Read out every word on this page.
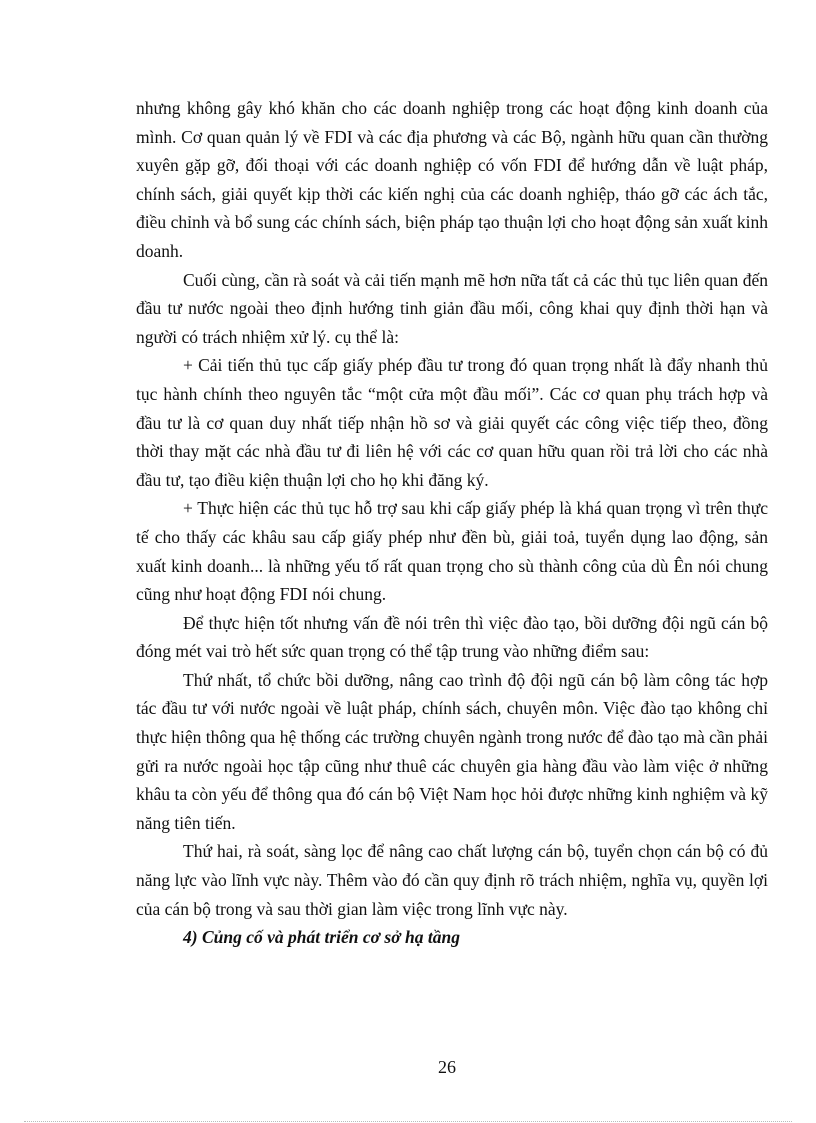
nhưng không gây khó khăn cho các doanh nghiệp trong các hoạt động kinh doanh của mình. Cơ quan quản lý về FDI và các địa phương và các Bộ, ngành hữu quan cần thường xuyên gặp gỡ, đối thoại với các doanh nghiệp có vốn FDI để hướng dẫn về luật pháp, chính sách, giải quyết kịp thời các kiến nghị của các doanh nghiệp, tháo gỡ các ách tắc, điều chỉnh và bổ sung các chính sách, biện pháp tạo thuận lợi cho hoạt động sản xuất kinh doanh.

Cuối cùng, cần rà soát và cải tiến mạnh mẽ hơn nữa tất cả các thủ tục liên quan đến đầu tư nước ngoài theo định hướng tinh giản đầu mối, công khai quy định thời hạn và người có trách nhiệm xử lý. cụ thể là:

+ Cải tiến thủ tục cấp giấy phép đầu tư trong đó quan trọng nhất là đẩy nhanh thủ tục hành chính theo nguyên tắc “một cửa một đầu mối”. Các cơ quan phụ trách hợp và đầu tư là cơ quan duy nhất tiếp nhận hồ sơ và giải quyết các công việc tiếp theo, đồng thời thay mặt các nhà đầu tư đi liên hệ với các cơ quan hữu quan rồi trả lời cho các nhà đầu tư, tạo điều kiện thuận lợi cho họ khi đăng ký.

+ Thực hiện các thủ tục hỗ trợ sau khi cấp giấy phép là khá quan trọng vì trên thực tế cho thấy các khâu sau cấp giấy phép như đền bù, giải toả, tuyển dụng lao động, sản xuất kinh doanh... là những yếu tố rất quan trọng cho sù thành công của dù Ên nói chung cũng như hoạt động FDI nói chung.

Để thực hiện tốt nhưng vấn đề nói trên thì việc đào tạo, bồi dưỡng đội ngũ cán bộ đóng mét vai trò hết sức quan trọng có thể tập trung vào những điểm sau:

Thứ nhất, tổ chức bồi dưỡng, nâng cao trình độ đội ngũ cán bộ làm công tác hợp tác đầu tư với nước ngoài về luật pháp, chính sách, chuyên môn. Việc đào tạo không chỉ thực hiện thông qua hệ thống các trường chuyên ngành trong nước để đào tạo mà cần phải gửi ra nước ngoài học tập cũng như thuê các chuyên gia hàng đầu vào làm việc ở những khâu ta còn yếu để thông qua đó cán bộ Việt Nam học hỏi được những kinh nghiệm và kỹ năng tiên tiến.

Thứ hai, rà soát, sàng lọc để nâng cao chất lượng cán bộ, tuyển chọn cán bộ có đủ năng lực vào lĩnh vực này. Thêm vào đó cần quy định rõ trách nhiệm, nghĩa vụ, quyền lợi của cán bộ trong và sau thời gian làm việc trong lĩnh vực này.

4) Củng cố và phát triển cơ sở hạ tầng

26
